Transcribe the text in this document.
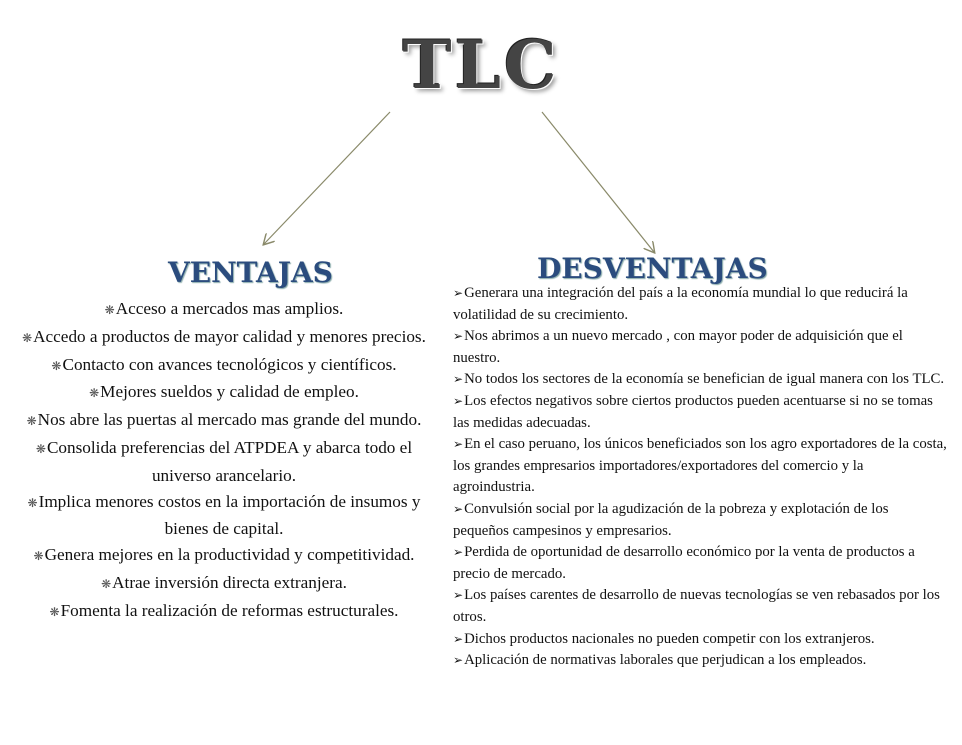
TLC
VENTAJAS	DESVENTAJAS
❋ Acceso a mercados mas amplios.
❋ Accedo a productos de mayor calidad y menores precios.
❋ Contacto con avances tecnológicos y científicos.
❋ Mejores sueldos y calidad de empleo.
❋ Nos abre las puertas al mercado mas grande del mundo.
❋ Consolida preferencias del ATPDEA y abarca todo el universo arancelario.
❋ Implica menores costos en la importación de insumos y bienes de capital.
❋ Genera mejores en la productividad y competitividad.
❋ Atrae inversión directa extranjera.
❋ Fomenta la realización de reformas estructurales.
➢ Generara una integración del país a la economía mundial lo que reducirá la volatilidad de su crecimiento.
➢ Nos abrimos a un nuevo mercado , con mayor poder de adquisición que el nuestro.
➢ No todos los sectores de la economía se benefician de igual manera con los TLC.
➢ Los efectos negativos sobre ciertos productos pueden acentuarse si no se tomas las medidas adecuadas.
➢ En el caso peruano, los únicos beneficiados son los agro exportadores de la costa, los grandes empresarios importadores/exportadores del comercio y la agroindustria.
➢ Convulsión social por la agudización de la pobreza y explotación de los pequeños campesinos y empresarios.
➢ Perdida de oportunidad de desarrollo económico por la venta de productos a precio de mercado.
➢ Los países carentes de desarrollo de nuevas tecnologías se ven rebasados por los otros.
➢ Dichos productos nacionales no pueden competir con los extranjeros.
➢ Aplicación de normativas laborales que perjudican a los empleados.
